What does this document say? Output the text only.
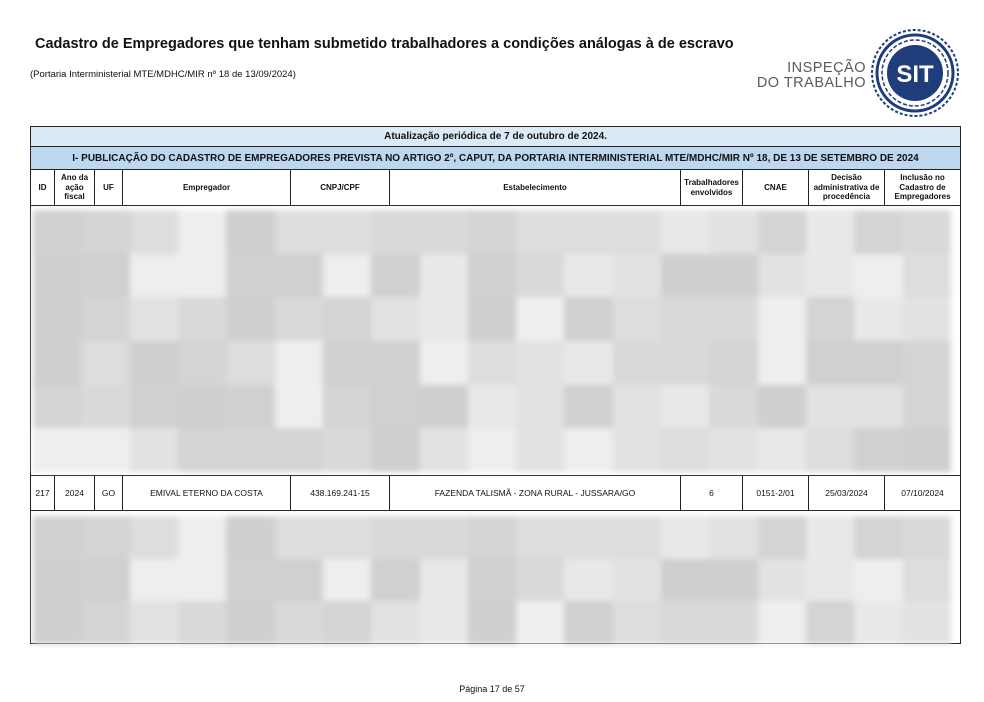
Cadastro de Empregadores que tenham submetido trabalhadores a condições análogas à de escravo
(Portaria Interministerial MTE/MDHC/MIR nº 18 de 13/09/2024)	INSPEÇÃO
DO TRABALHO SIT
Atualização periódica de 7 de outubro de 2024.									
I- PUBLICAÇÃO DO CADASTRO DE EMPREGADORES PREVISTA NO ARTIGO 2º, CAPUT, DA PORTARIA INTERMINISTERIAL MTE/MDHC/MIR Nº 18, DE 13 DE SETEMBRO DE 2024									
ID	Ano da ação fiscal	UF	Empregador	CNPJ/CPF	Estabelecimento	Trabalhadores envolvidos	CNAE	Decisão administrativa de procedência	Inclusão no Cadastro de Empregadores

217	2024	GO	EMIVAL ETERNO DA COSTA	438.169.241-15	FAZENDA TALISMÃ - ZONA RURAL - JUSSARA/GO	6	0151-2/01	25/03/2024	07/10/2024

Página 17 de 57
